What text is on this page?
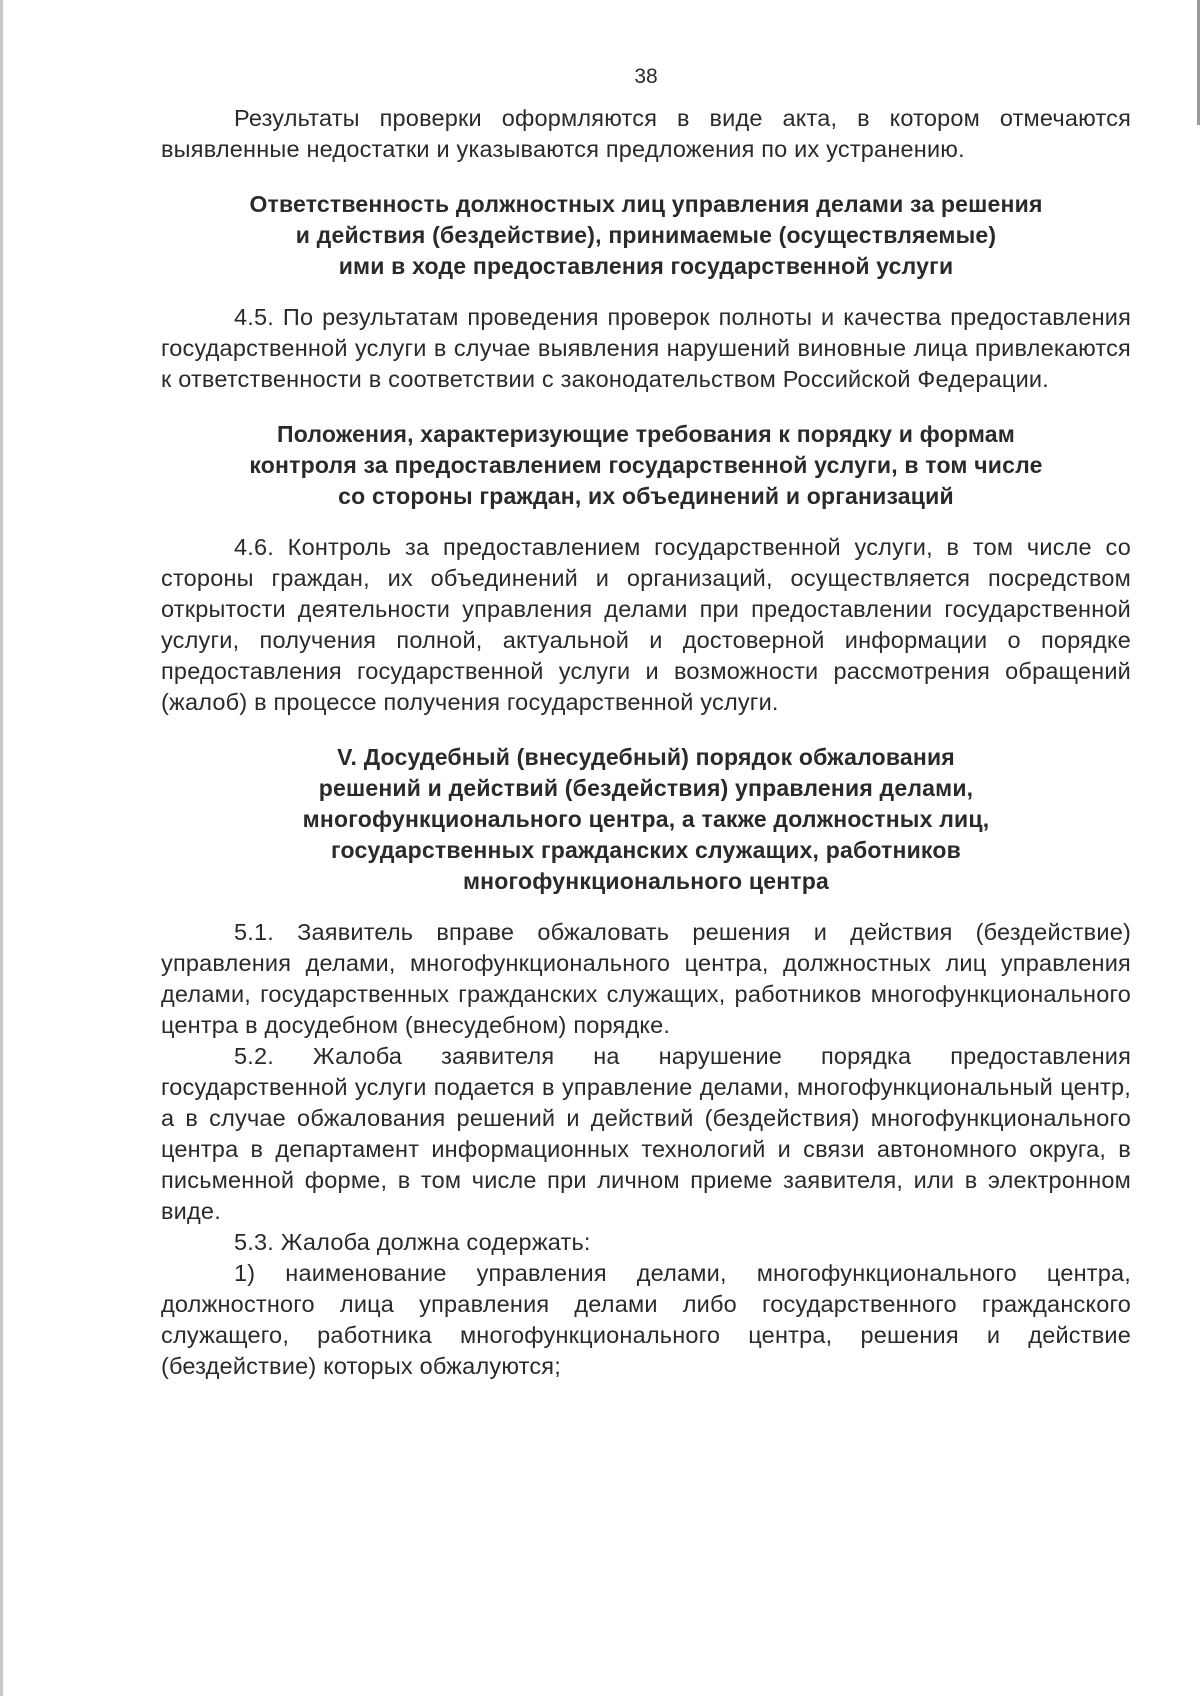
38

Результаты проверки оформляются в виде акта, в котором отмечаются выявленные недостатки и указываются предложения по их устранению.

Ответственность должностных лиц управления делами за решения
и действия (бездействие), принимаемые (осуществляемые)
ими в ходе предоставления государственной услуги

4.5. По результатам проведения проверок полноты и качества предоставления государственной услуги в случае выявления нарушений виновные лица привлекаются к ответственности в соответствии с законодательством Российской Федерации.

Положения, характеризующие требования к порядку и формам
контроля за предоставлением государственной услуги, в том числе
со стороны граждан, их объединений и организаций

4.6. Контроль за предоставлением государственной услуги, в том числе со стороны граждан, их объединений и организаций, осуществляется посредством открытости деятельности управления делами при предоставлении государственной услуги, получения полной, актуальной и достоверной информации о порядке предоставления государственной услуги и возможности рассмотрения обращений (жалоб) в процессе получения государственной услуги.

V. Досудебный (внесудебный) порядок обжалования
решений и действий (бездействия) управления делами,
многофункционального центра, а также должностных лиц,
государственных гражданских служащих, работников
многофункционального центра

5.1. Заявитель вправе обжаловать решения и действия (бездействие) управления делами, многофункционального центра, должностных лиц управления делами, государственных гражданских служащих, работников многофункционального центра в досудебном (внесудебном) порядке.

5.2. Жалоба заявителя на нарушение порядка предоставления государственной услуги подается в управление делами, многофункциональный центр, а в случае обжалования решений и действий (бездействия) многофункционального центра в департамент информационных технологий и связи автономного округа, в письменной форме, в том числе при личном приеме заявителя, или в электронном виде.

5.3. Жалоба должна содержать:

1) наименование управления делами, многофункционального центра, должностного лица управления делами либо государственного гражданского служащего, работника многофункционального центра, решения и действие (бездействие) которых обжалуются;
